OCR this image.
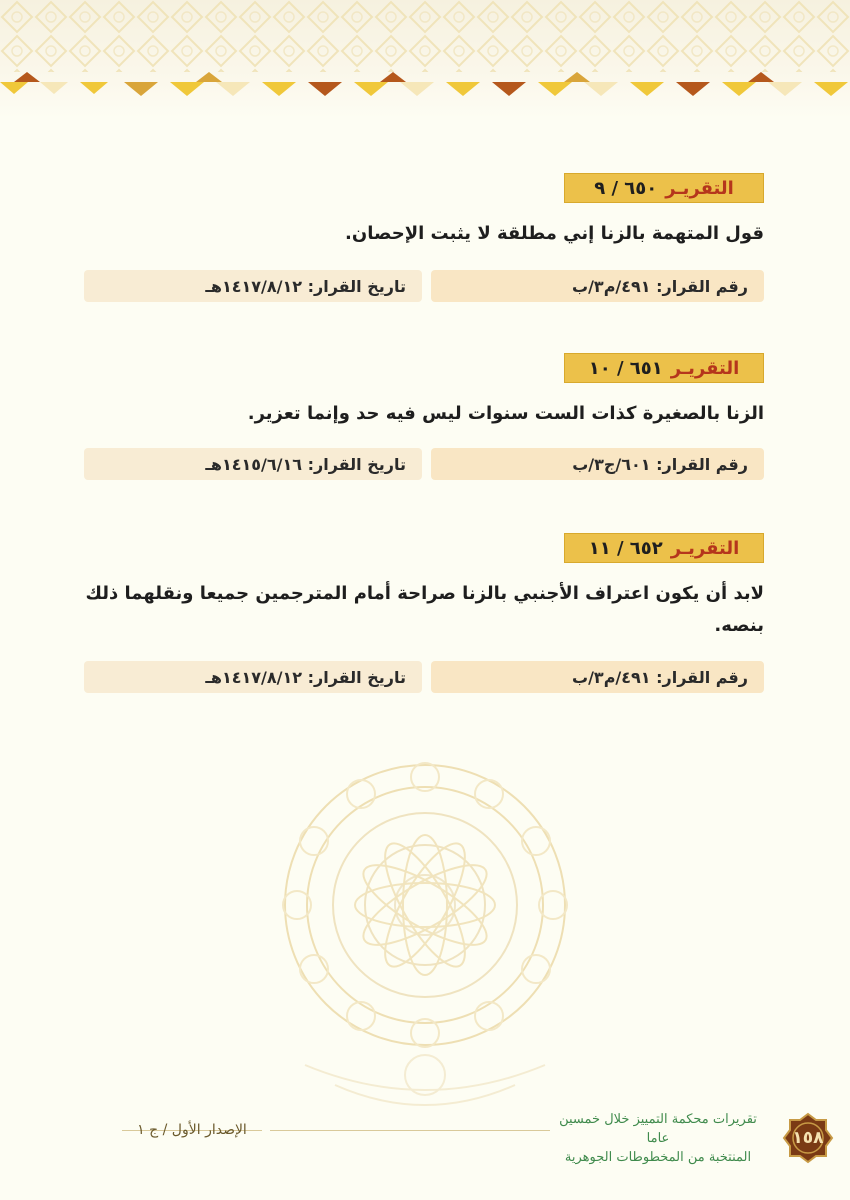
التقريـر
٦٥٠ / ٩
قول المتهمة بالزنا إني مطلقة لا يثبت الإحصان.
رقم القرار: ٤٩١/م٣/ب
تاريخ القرار: ١٤١٧/٨/١٢هـ
التقريـر
٦٥١ / ١٠
الزنا بالصغيرة كذات الست سنوات ليس فيه حد وإنما تعزير.
رقم القرار: ٦٠١/ج٣/ب
تاريخ القرار: ١٤١٥/٦/١٦هـ
التقريـر
٦٥٢ / ١١
لابد أن يكون اعتراف الأجنبي بالزنا صراحة أمام المترجمين جميعا ونقلهما ذلك بنصه.
رقم القرار: ٤٩١/م٣/ب
تاريخ القرار: ١٤١٧/٨/١٢هـ
الإصدار الأول / ج ١
تقريرات محكمة التمييز خلال خمسين عاما
المنتخبة من المخطوطات الجوهرية
١٥٨
